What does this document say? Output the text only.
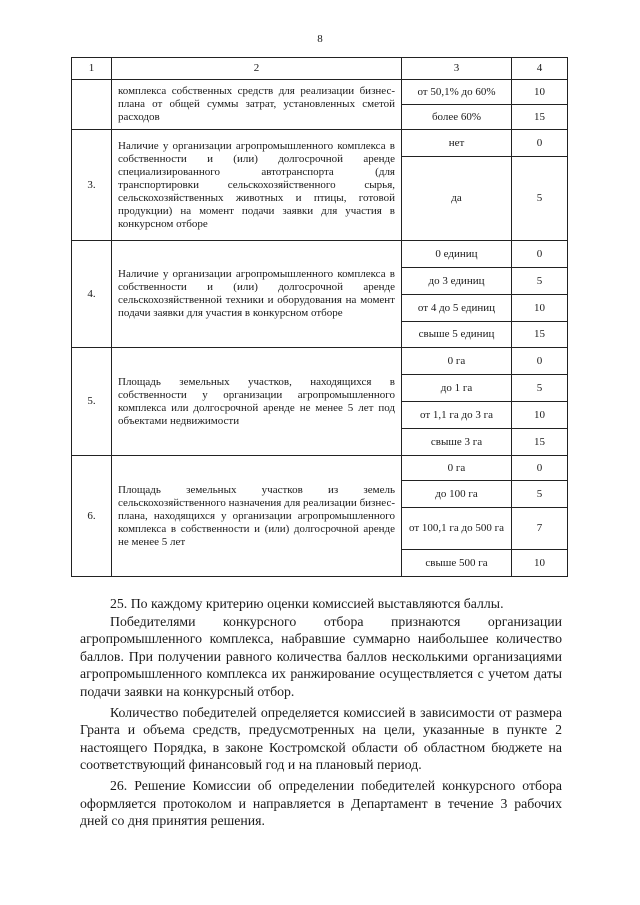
8
1	2	3	4
	комплекса собственных средств для реализации бизнес-плана от общей суммы затрат, установленных сметой расходов	от 50,1% до 60%	10
		более 60%	15
3.	Наличие у организации агропромышленного комплекса в собственности и (или) долгосрочной аренде специализированного автотранспорта (для транспортировки сельскохозяйственного сырья, сельскохозяйственных животных и птицы, готовой продукции) на момент подачи заявки для участия в конкурсном отборе	нет	0
		да	5
4.	Наличие у организации агропромышленного комплекса в собственности и (или) долгосрочной аренде сельскохозяйственной техники и оборудования на момент подачи заявки для участия в конкурсном отборе	0 единиц	0
		до 3 единиц	5
		от 4 до 5 единиц	10
		свыше 5 единиц	15
5.	Площадь земельных участков, находящихся в собственности у организации агропромышленного комплекса или долгосрочной аренде не менее 5 лет под объектами недвижимости	0 га	0
		до 1 га	5
		от 1,1 га до 3 га	10
		свыше 3 га	15
6.	Площадь земельных участков из земель сельскохозяйственного назначения для реализации бизнес-плана, находящихся у организации агропромышленного комплекса в собственности и (или) долгосрочной аренде не менее 5 лет	0 га	0
		до 100 га	5
		от 100,1 га до 500 га	7
		свыше 500 га	10

25. По каждому критерию оценки комиссией выставляются баллы.

Победителями конкурсного отбора признаются организации агропромышленного комплекса, набравшие суммарно наибольшее количество баллов. При получении равного количества баллов несколькими организациями агропромышленного комплекса их ранжирование осуществляется с учетом даты подачи заявки на конкурсный отбор.

Количество победителей определяется комиссией в зависимости от размера Гранта и объема средств, предусмотренных на цели, указанные в пункте 2 настоящего Порядка, в законе Костромской области об областном бюджете на соответствующий финансовый год и на плановый период.

26. Решение Комиссии об определении победителей конкурсного отбора оформляется протоколом и направляется в Департамент в течение 3 рабочих дней со дня принятия решения.
